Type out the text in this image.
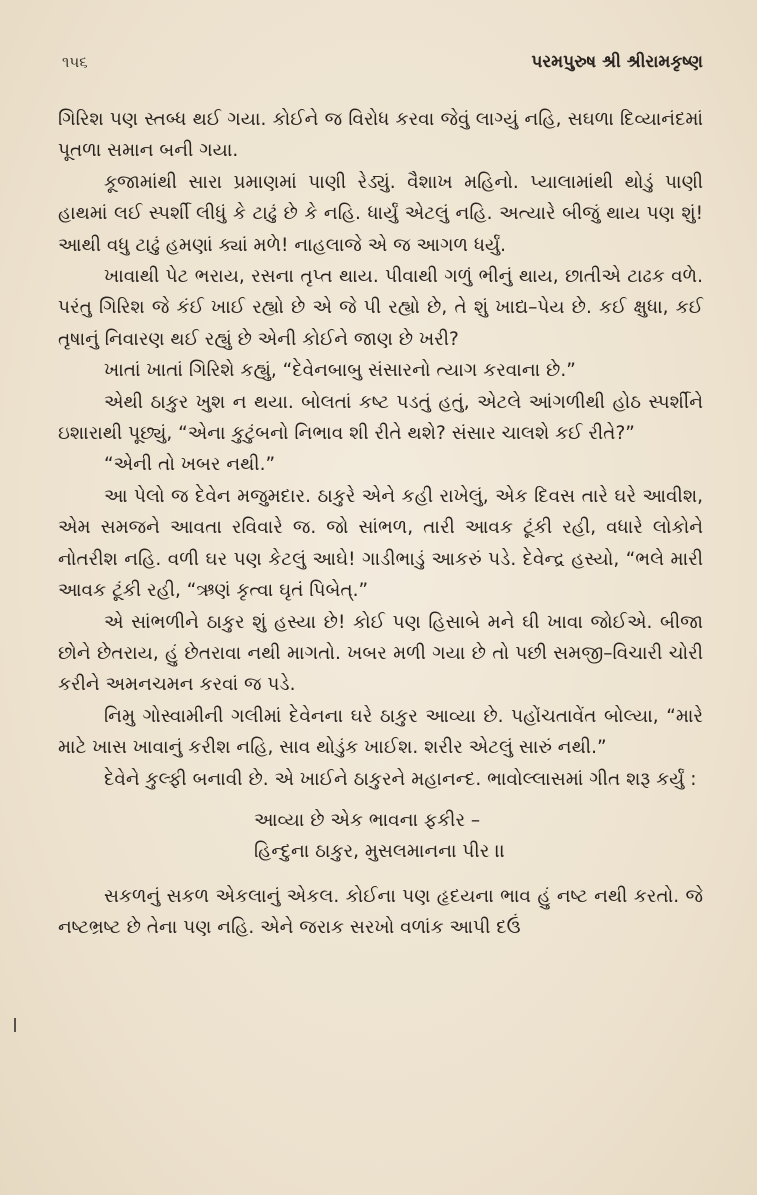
૧૫૬	પરમપુરુષ શ્રી શ્રીરામકૃષ્ણ

ગિરિશ પણ સ્તબ્ધ થઈ ગયા. કોઈને જ વિરોધ કરવા જેવું લાગ્યું નહિ, સઘળા દિવ્યાનંદમાં પૂતળા સમાન બની ગયા.

કૂજામાંથી સારા પ્રમાણમાં પાણી રેડ્યું. વૈશાખ મહિનો. પ્યાલામાંથી થોડું પાણી હાથમાં લઈ સ્પર્શી લીધું કે ટાઢું છે કે નહિ. ધાર્યું એટલું નહિ. અત્યારે બીજું થાય પણ શું! આથી વધુ ટાઢું હમણાં ક્યાં મળે! નાહલાજે એ જ આગળ ધર્યું.

ખાવાથી પેટ ભરાય, રસના તૃપ્ત થાય. પીવાથી ગળું ભીનું થાય, છાતીએ ટાઢક વળે. પરંતુ ગિરિશ જે કંઈ ખાઈ રહ્યો છે એ જે પી રહ્યો છે, તે શું ખાદ્ય–પેય છે. કઈ ક્ષુધા, કઈ તૃષાનું નિવારણ થઈ રહ્યું છે એની કોઈને જાણ છે ખરી?

ખાતાં ખાતાં ગિરિશે કહ્યું, “દેવેનબાબુ સંસારનો ત્યાગ કરવાના છે.”

એથી ઠાકુર ખુશ ન થયા. બોલતાં કષ્ટ પડતું હતું, એટલે આંગળીથી હોઠ સ્પર્શીને ઇશારાથી પૂછ્યું, “એના કુટુંબનો નિભાવ શી રીતે થશે? સંસાર ચાલશે કઈ રીતે?”

“એની તો ખબર નથી.”

આ પેલો જ દેવેન મજુમદાર. ઠાકુરે એને કહી રાખેલું, એક દિવસ તારે ઘરે આવીશ, એમ સમજને આવતા રવિવારે જ. જો સાંભળ, તારી આવક ટૂંકી રહી, વધારે લોકોને નોતરીશ નહિ. વળી ઘર પણ કેટલું આઘે! ગાડીભાડું આકરું પડે. દેવેન્દ્ર હસ્યો, “ભલે મારી આવક ટૂંકી રહી, “ઋણં કૃત્વા ઘૃતં પિબેત્.”

એ સાંભળીને ઠાકુર શું હસ્યા છે! કોઈ પણ હિસાબે મને ઘી ખાવા જોઈએ. બીજા છોને છેતરાય, હું છેતરાવા નથી માગતો. ખબર મળી ગયા છે તો પછી સમજી–વિચારી ચોરી કરીને અમનચમન કરવાં જ પડે.

નિમુ ગોસ્વામીની ગલીમાં દેવેનના ઘરે ઠાકુર આવ્યા છે. પહોંચતાવેંત બોલ્યા, “મારે માટે ખાસ ખાવાનું કરીશ નહિ, સાવ થોડુંક ખાઈશ. શરીર એટલું સારું નથી.”

દેવેને કુલ્ફી બનાવી છે. એ ખાઈને ઠાકુરને મહાનન્દ. ભાવોલ્લાસમાં ગીત શરૂ કર્યું :

આવ્યા છે એક ભાવના ફકીર –
હિન્દુના ઠાકુર, મુસલમાનના પીર ।।

સકળનું સકળ એકલાનું એકલ. કોઈના પણ હૃદયના ભાવ હું નષ્ટ નથી કરતો. જે નષ્ટભ્રષ્ટ છે તેના પણ નહિ. એને જરાક સરખો વળાંક આપી દઉં
